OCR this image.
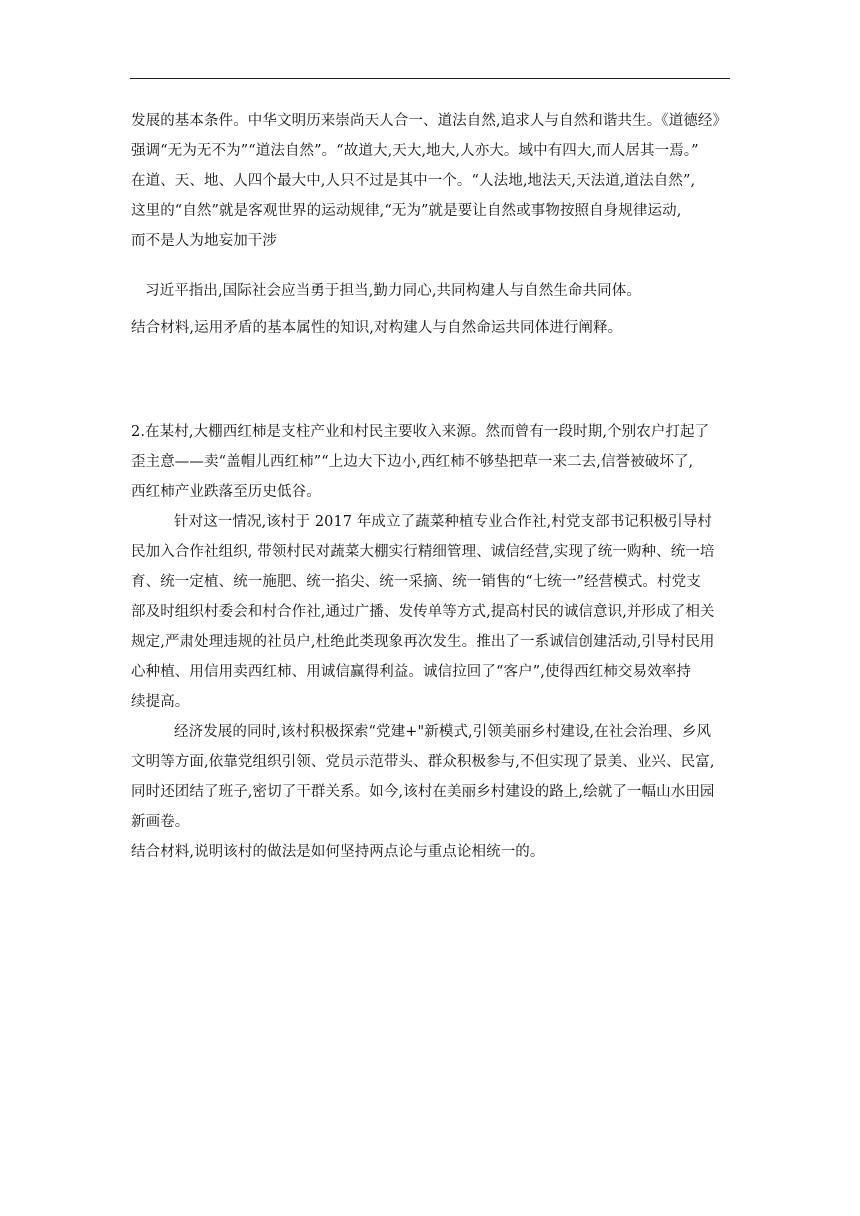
发展的基本条件。中华文明历来崇尚天人合一、道法自然,追求人与自然和谐共生。《道德经》

强调“无为无不为”“道法自然”。“故道大,天大,地大,人亦大。域中有四大,而人居其一焉。”

在道、天、地、人四个最大中,人只不过是其中一个。“人法地,地法天,天法道,道法自然”,

这里的“自然”就是客观世界的运动规律,“无为”就是要让自然或事物按照自身规律运动,

而不是人为地妄加干涉

习近平指出,国际社会应当勇于担当,勤力同心,共同构建人与自然生命共同体。

结合材料,运用矛盾的基本属性的知识,对构建人与自然命运共同体进行阐释。

2.在某村,大棚西红柿是支柱产业和村民主要收入来源。然而曾有一段时期,个别农户打起了

歪主意——卖“盖帽儿西红柿”“上边大下边小,西红柿不够垫把草一来二去,信誉被破坏了,

西红柿产业跌落至历史低谷。

针对这一情况,该村于 2017 年成立了蔬菜种植专业合作社,村党支部书记积极引导村

民加入合作社组织, 带领村民对蔬菜大棚实行精细管理、诚信经营,实现了统一购种、统一培

育、统一定植、统一施肥、统一掐尖、统一采摘、统一销售的“七统一”经营模式。村党支

部及时组织村委会和村合作社,通过广播、发传单等方式,提高村民的诚信意识,并形成了相关

规定,严肃处理违规的社员户,杜绝此类现象再次发生。推出了一系诚信创建活动,引导村民用

心种植、用信用卖西红柿、用诚信赢得利益。诚信拉回了“客户”,使得西红柿交易效率持

续提高。

经济发展的同时,该村积极探索“党建+"新模式,引领美丽乡村建设,在社会治理、乡风

文明等方面,依靠党组织引领、党员示范带头、群众积极参与,不但实现了景美、业兴、民富,

同时还团结了班子,密切了干群关系。如今,该村在美丽乡村建设的路上,绘就了一幅山水田园

新画卷。

结合材料,说明该村的做法是如何坚持两点论与重点论相统一的。
